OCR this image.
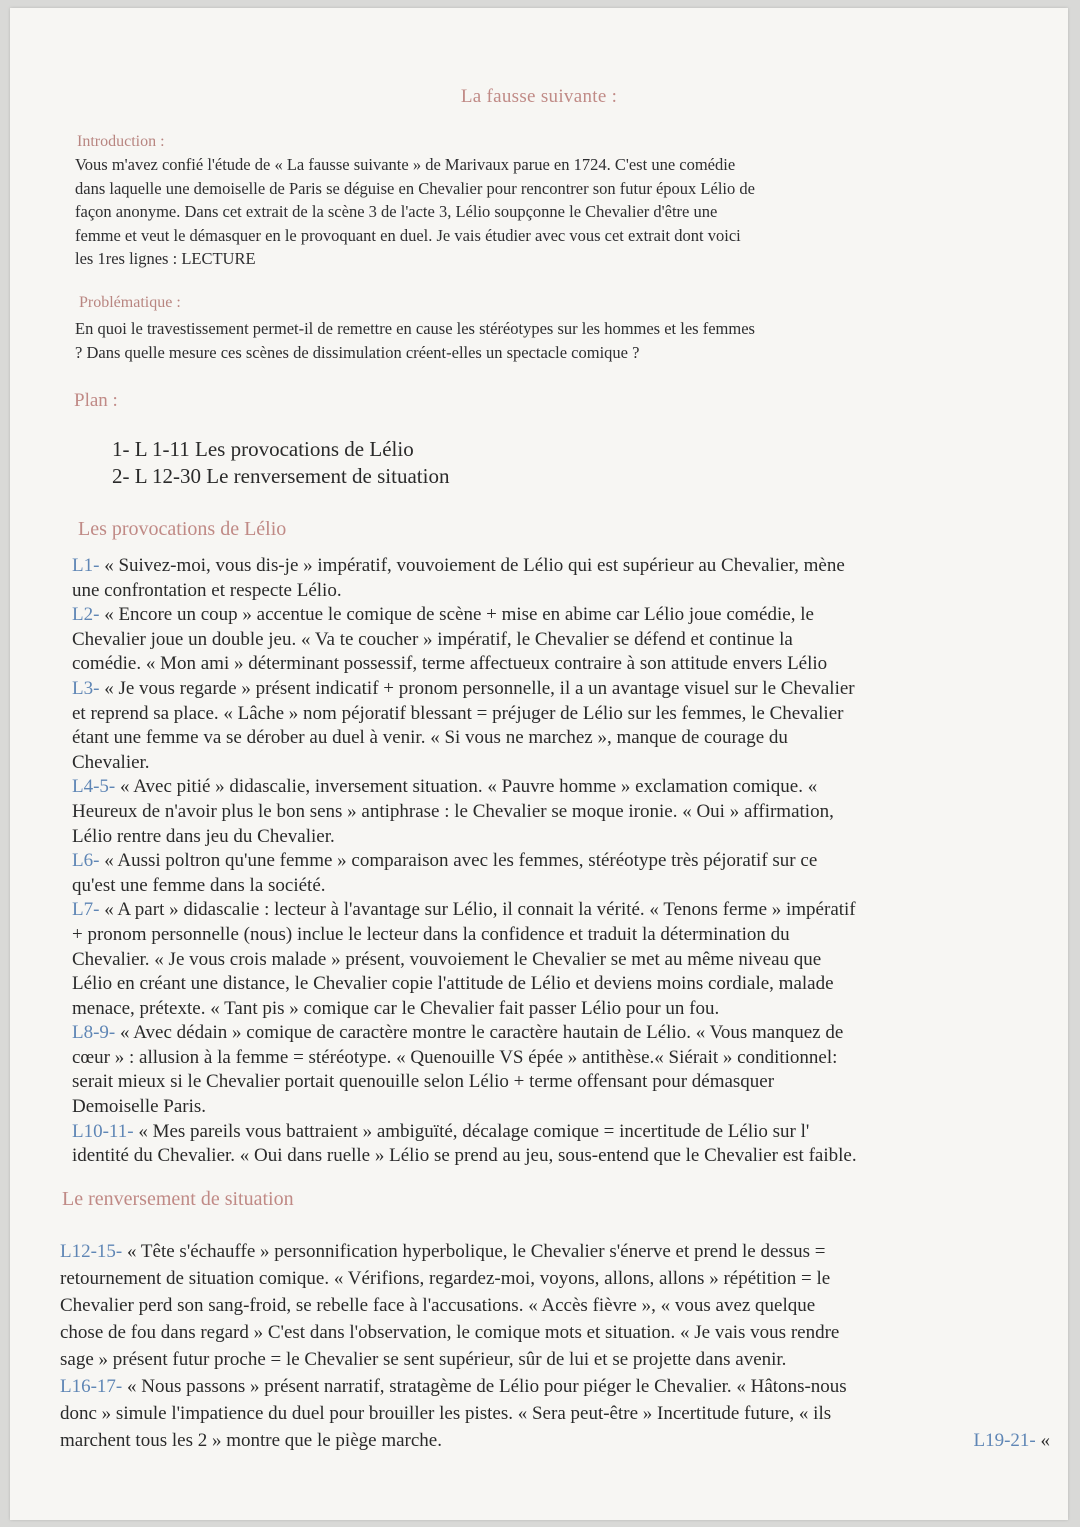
La fausse suivante :
Introduction :
Vous m'avez confié l'étude de « La fausse suivante » de Marivaux parue en 1724. C'est une comédie
dans laquelle une demoiselle de Paris se déguise en Chevalier pour rencontrer son futur époux Lélio de
façon anonyme. Dans cet extrait de la scène 3 de l'acte 3, Lélio soupçonne le Chevalier d'être une
femme et veut le démasquer en le provoquant en duel. Je vais étudier avec vous cet extrait dont voici
les 1res lignes : LECTURE
Problématique :
En quoi le travestissement permet-il de remettre en cause les stéréotypes sur les hommes et les femmes
? Dans quelle mesure ces scènes de dissimulation créent-elles un spectacle comique ?
Plan :
1- L 1-11 Les provocations de Lélio
2- L 12-30 Le renversement de situation
Les provocations de Lélio
L1- « Suivez-moi, vous dis-je » impératif, vouvoiement de Lélio qui est supérieur au Chevalier, mène
une confrontation et respecte Lélio.
L2- « Encore un coup » accentue le comique de scène + mise en abime car Lélio joue comédie, le
Chevalier joue un double jeu. « Va te coucher » impératif, le Chevalier se défend et continue la
comédie. « Mon ami » déterminant possessif, terme affectueux contraire à son attitude envers Lélio
L3- « Je vous regarde » présent indicatif + pronom personnelle, il a un avantage visuel sur le Chevalier
et reprend sa place. « Lâche » nom péjoratif blessant = préjuger de Lélio sur les femmes, le Chevalier
étant une femme va se dérober au duel à venir. « Si vous ne marchez », manque de courage du
Chevalier.
L4-5- « Avec pitié » didascalie, inversement situation. « Pauvre homme » exclamation comique. «
Heureux de n'avoir plus le bon sens » antiphrase : le Chevalier se moque ironie. « Oui » affirmation,
Lélio rentre dans jeu du Chevalier.
L6- « Aussi poltron qu'une femme » comparaison avec les femmes, stéréotype très péjoratif sur ce
qu'est une femme dans la société.
L7- « A part » didascalie : lecteur à l'avantage sur Lélio, il connait la vérité. « Tenons ferme » impératif
+ pronom personnelle (nous) inclue le lecteur dans la confidence et traduit la détermination du
Chevalier. « Je vous crois malade » présent, vouvoiement le Chevalier se met au même niveau que
Lélio en créant une distance, le Chevalier copie l'attitude de Lélio et deviens moins cordiale, malade
menace, prétexte. « Tant pis » comique car le Chevalier fait passer Lélio pour un fou.
L8-9- « Avec dédain » comique de caractère montre le caractère hautain de Lélio. « Vous manquez de
cœur » : allusion à la femme = stéréotype. « Quenouille VS épée » antithèse.« Siérait » conditionnel:
serait mieux si le Chevalier portait quenouille selon Lélio + terme offensant pour démasquer
Demoiselle Paris.
L10-11- « Mes pareils vous battraient » ambiguïté, décalage comique = incertitude de Lélio sur l'
identité du Chevalier. « Oui dans ruelle » Lélio se prend au jeu, sous-entend que le Chevalier est faible.
Le renversement de situation
L12-15- « Tête s'échauffe » personnification hyperbolique, le Chevalier s'énerve et prend le dessus =
retournement de situation comique. « Vérifions, regardez-moi, voyons, allons, allons » répétition = le
Chevalier perd son sang-froid, se rebelle face à l'accusations. « Accès fièvre », « vous avez quelque
chose de fou dans regard » C'est dans l'observation, le comique mots et situation. « Je vais vous rendre
sage » présent futur proche = le Chevalier se sent supérieur, sûr de lui et se projette dans avenir.
L16-17- « Nous passons » présent narratif, stratagème de Lélio pour piéger le Chevalier. « Hâtons-nous
donc » simule l'impatience du duel pour brouiller les pistes. « Sera peut-être » Incertitude future, « ils
marchent tous les 2 » montre que le piège marche.	L19-21- «
